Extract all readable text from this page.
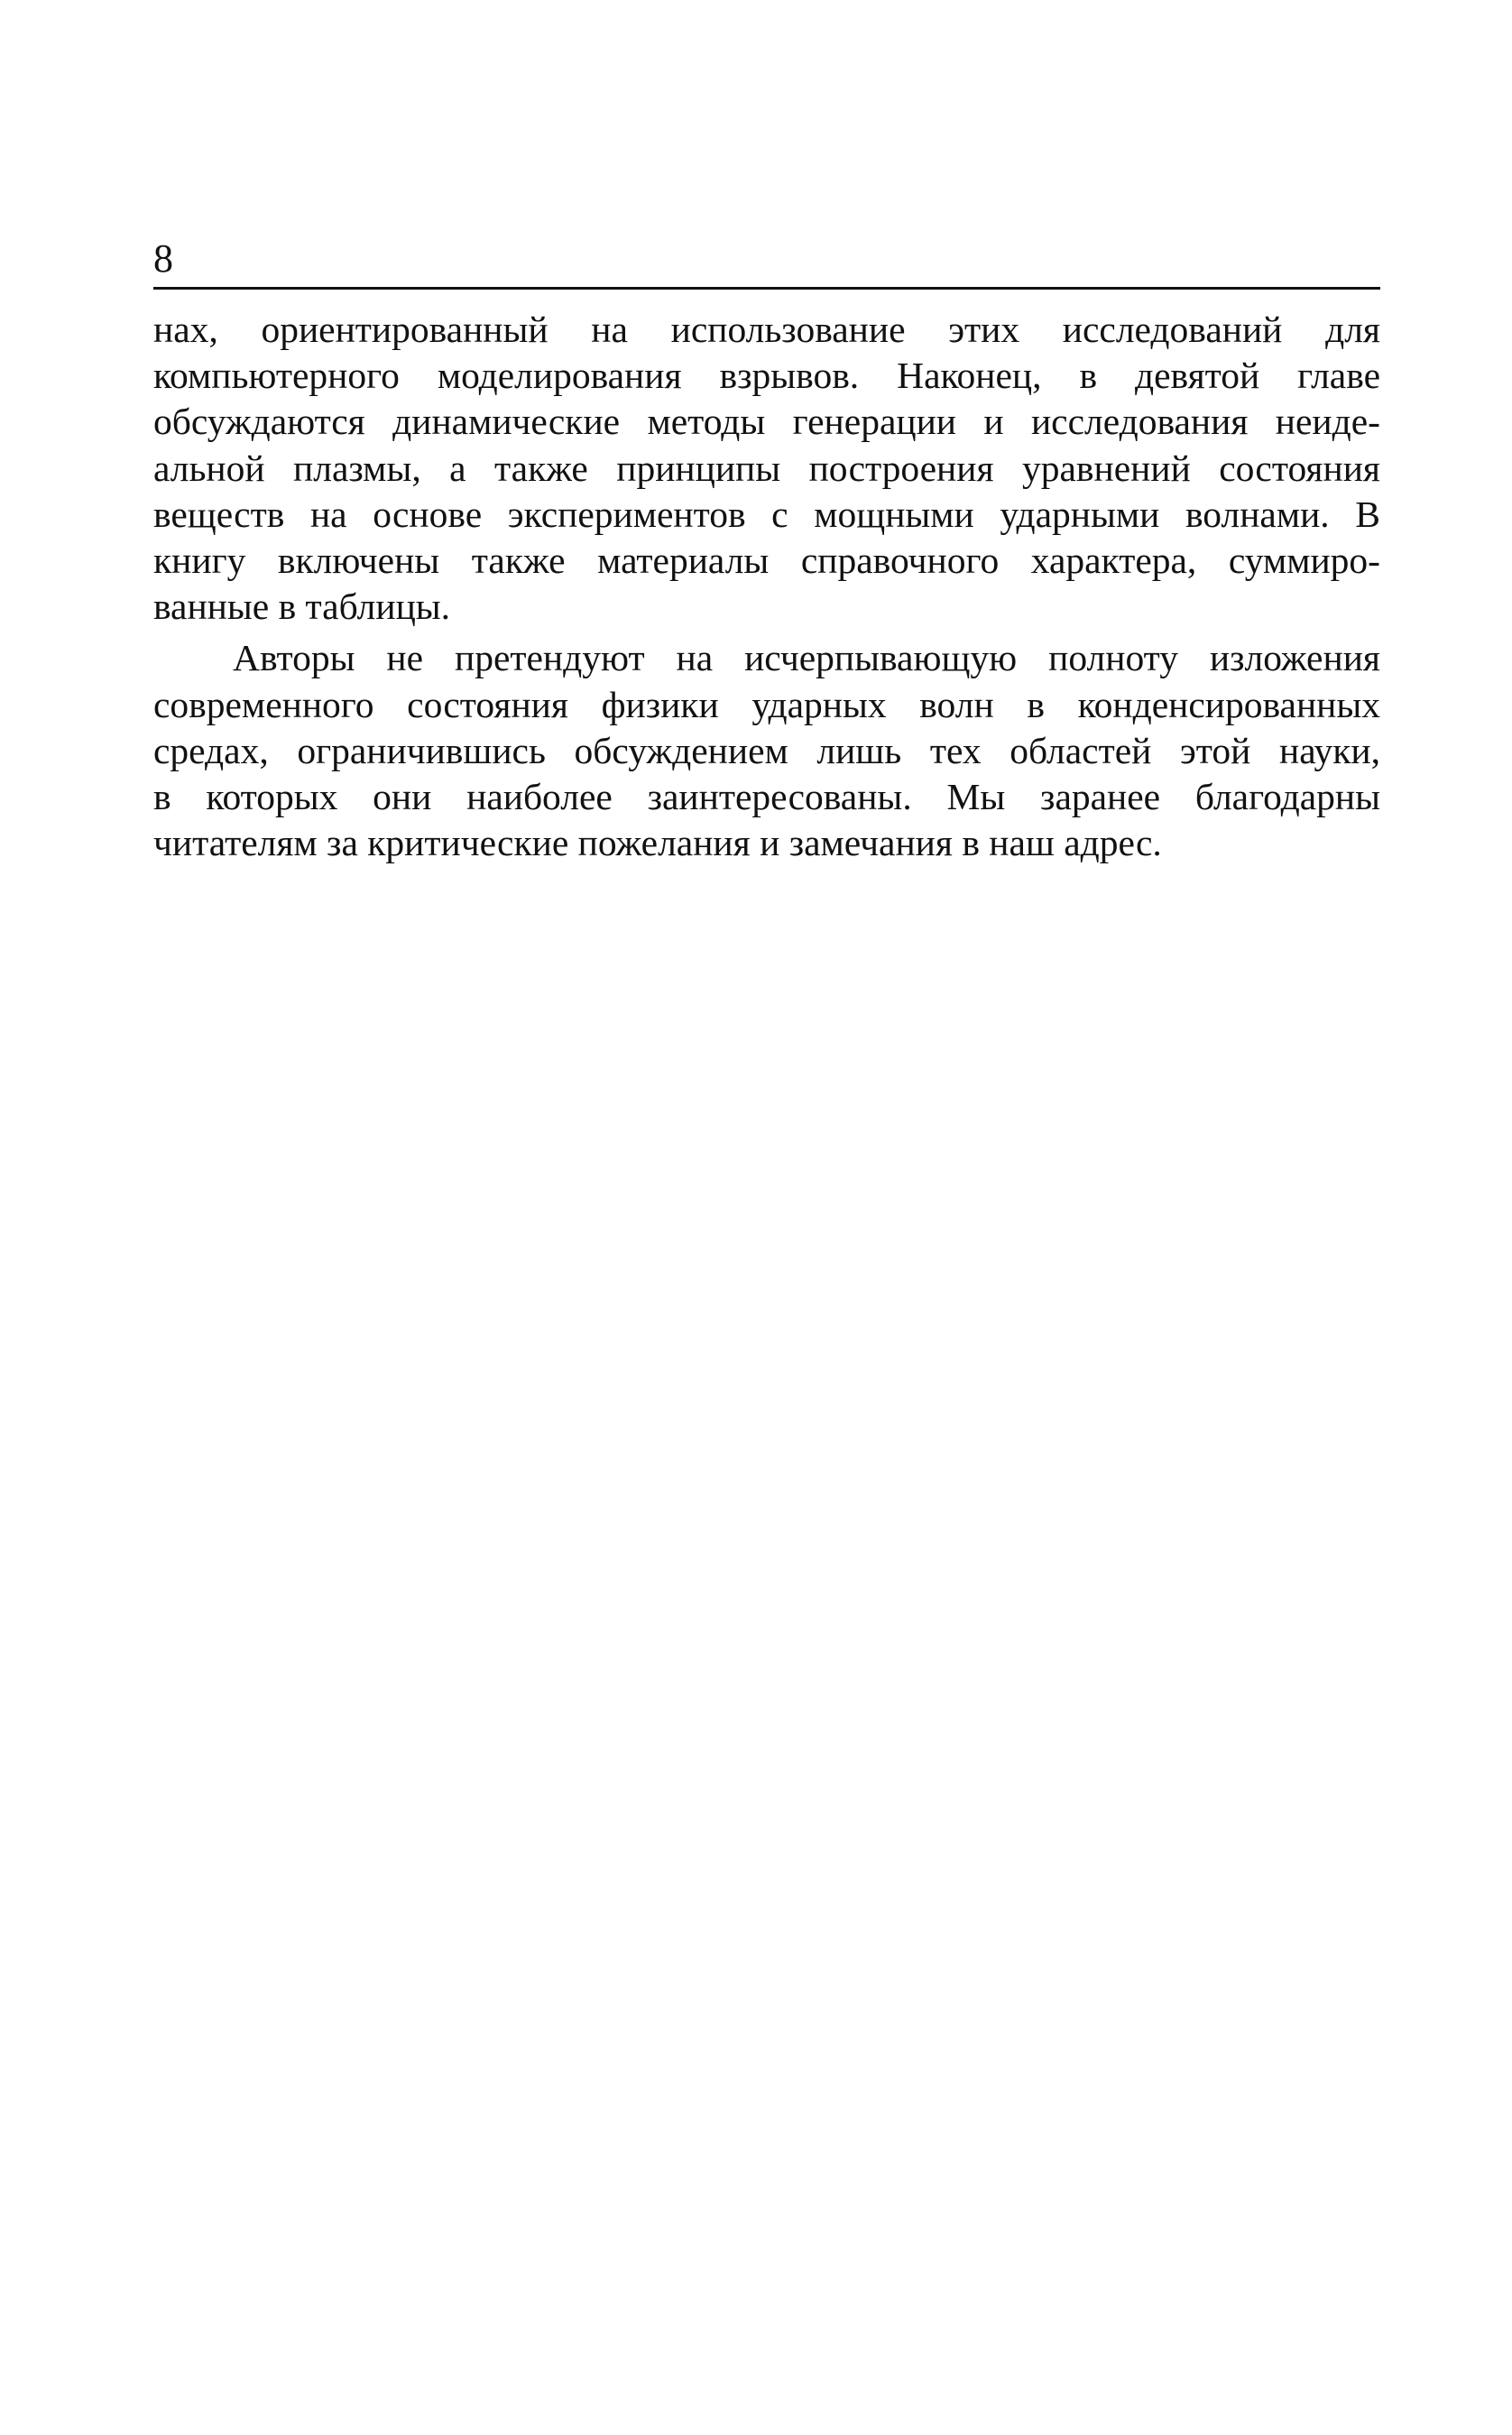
8

нах, ориентированный на использование этих исследований для
компьютерного моделирования взрывов. Наконец, в девятой главе
обсуждаются динамические методы генерации и исследования неиде-
альной плазмы, а также принципы построения уравнений состояния
веществ на основе экспериментов с мощными ударными волнами. В
книгу включены также материалы справочного характера, суммиро-
ванные в таблицы.

Авторы не претендуют на исчерпывающую полноту изложения
современного состояния физики ударных волн в конденсированных
средах, ограничившись обсуждением лишь тех областей этой науки,
в которых они наиболее заинтересованы. Мы заранее благодарны
читателям за критические пожелания и замечания в наш адрес.
